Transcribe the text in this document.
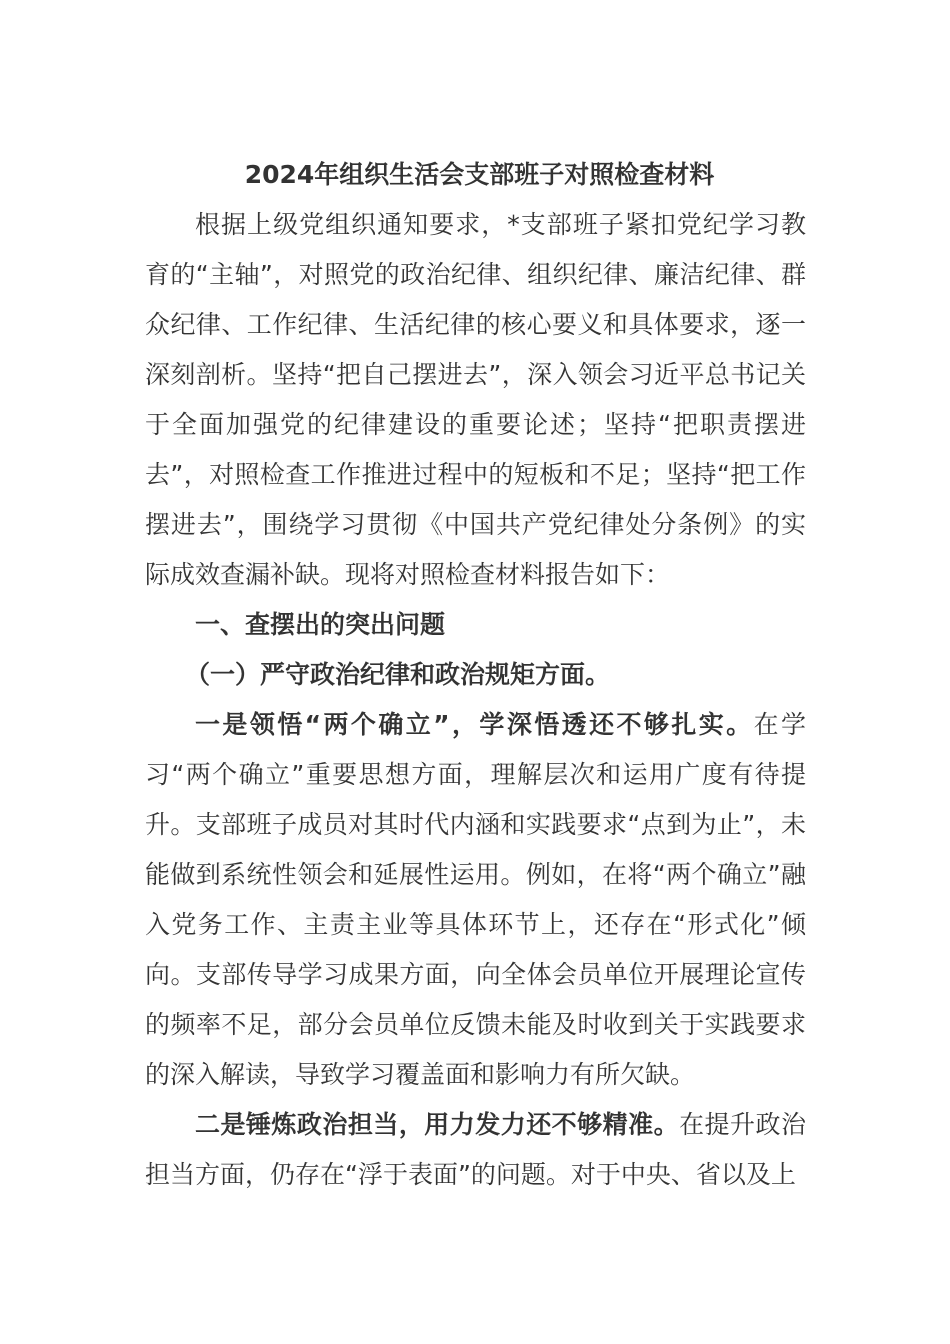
2024年组织生活会支部班子对照检查材料

根据上级党组织通知要求，*支部班子紧扣党纪学习教育的“主轴”，对照党的政治纪律、组织纪律、廉洁纪律、群众纪律、工作纪律、生活纪律的核心要义和具体要求，逐一深刻剖析。坚持“把自己摆进去”，深入领会习近平总书记关于全面加强党的纪律建设的重要论述；坚持“把职责摆进去”，对照检查工作推进过程中的短板和不足；坚持“把工作摆进去”，围绕学习贯彻《中国共产党纪律处分条例》的实际成效查漏补缺。现将对照检查材料报告如下：

一、查摆出的突出问题

（一）严守政治纪律和政治规矩方面。

一是领悟“两个确立”，学深悟透还不够扎实。在学习“两个确立”重要思想方面，理解层次和运用广度有待提升。支部班子成员对其时代内涵和实践要求“点到为止”，未能做到系统性领会和延展性运用。例如，在将“两个确立”融入党务工作、主责主业等具体环节上，还存在“形式化”倾向。支部传导学习成果方面，向全体会员单位开展理论宣传的频率不足，部分会员单位反馈未能及时收到关于实践要求的深入解读，导致学习覆盖面和影响力有所欠缺。

二是锤炼政治担当，用力发力还不够精准。在提升政治担当方面，仍存在“浮于表面”的问题。对于中央、省以及上
